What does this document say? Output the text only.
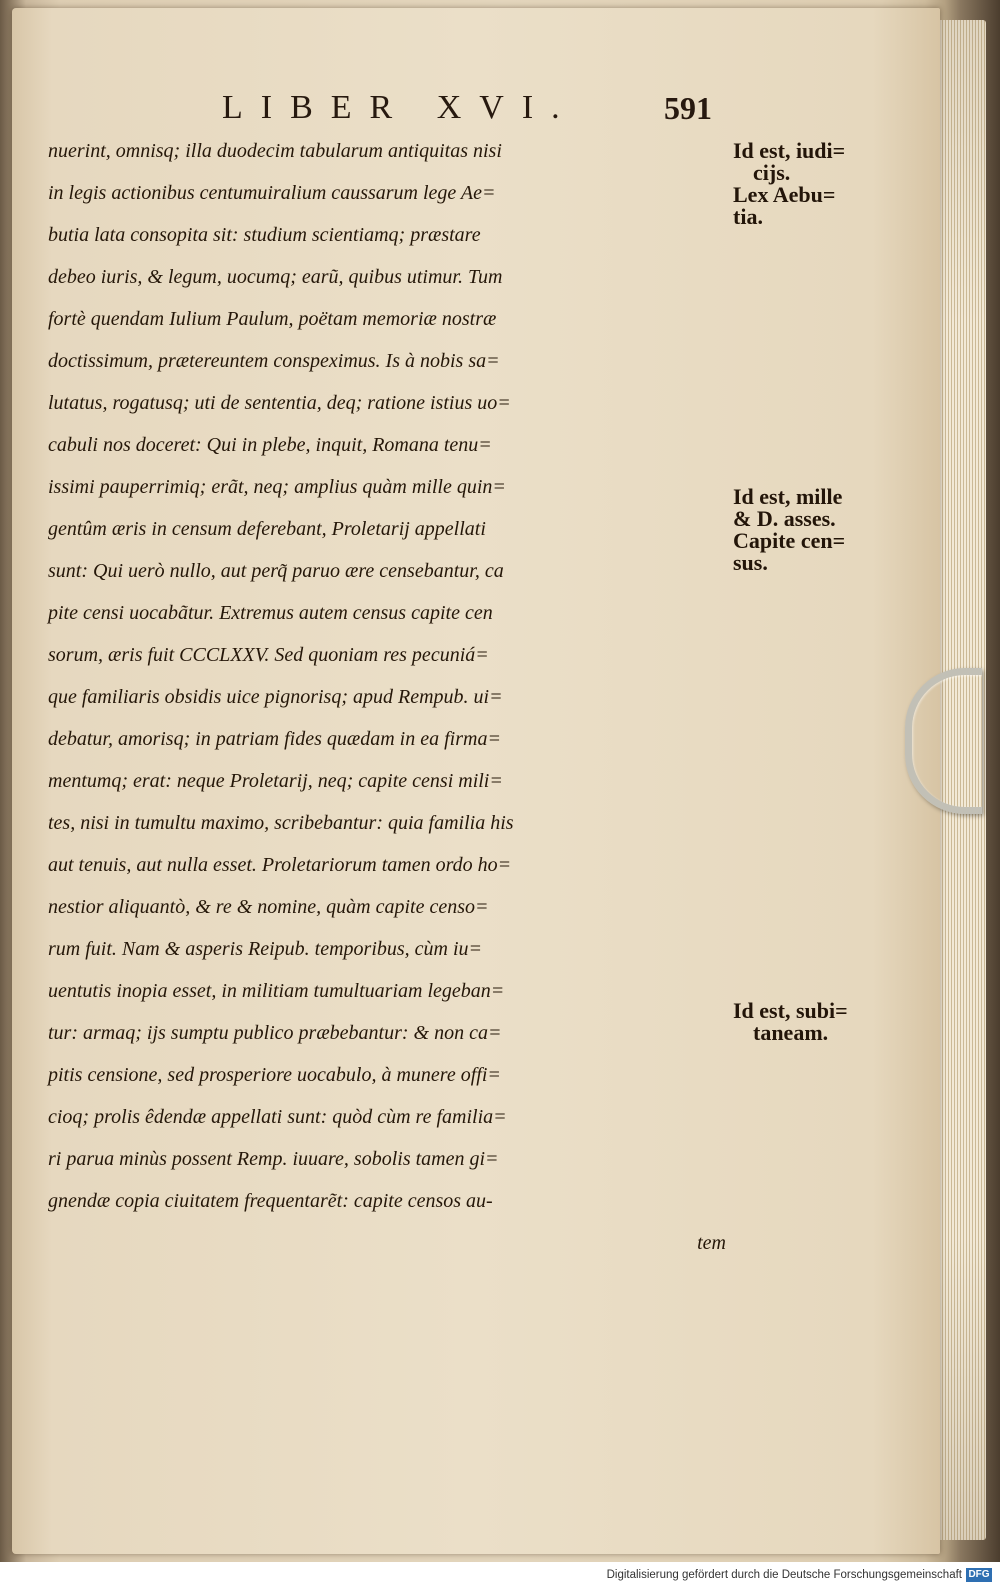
LIBER XVI.	591
nuerint, omnisq; illa duodecim tabularum antiquitas nisi
in legis actionibus centumuiralium caussarum lege Ae=
butia lata consopita sit: studium scientiamq; præstare
debeo iuris, & legum, uocumq; earũ, quibus utimur. Tum
fortè quendam Iulium Paulum, poëtam memoriæ nostræ
doctissimum, prætereuntem conspeximus. Is à nobis sa=
lutatus, rogatusq; uti de sententia, deq; ratione istius uo=
cabuli nos doceret: Qui in plebe, inquit, Romana tenu=
issimi pauperrimiq; erãt, neq; amplius quàm mille quin=
gentûm æris in censum deferebant, Proletarij appellati
sunt: Qui uerò nullo, aut perq̃ paruo ære censebantur, ca
pite censi uocabãtur. Extremus autem census capite cen
sorum, æris fuit CCCLXXV. Sed quoniam res pecuniá=
que familiaris obsidis uice pignorisq; apud Rempub. ui=
debatur, amorisq; in patriam fides quædam in ea firma=
mentumq; erat: neque Proletarij, neq; capite censi mili=
tes, nisi in tumultu maximo, scribebantur: quia familia his
aut tenuis, aut nulla esset. Proletariorum tamen ordo ho=
nestior aliquantò, & re & nomine, quàm capite censo=
rum fuit. Nam & asperis Reipub. temporibus, cùm iu=
uentutis inopia esset, in militiam tumultuariam legeban=
tur: armaq; ijs sumptu publico præbebantur: & non ca=
pitis censione, sed prosperiore uocabulo, à munere offi=
cioq; prolis êdendæ appellati sunt: quòd cùm re familia=
ri parua minùs possent Remp. iuuare, sobolis tamen gi=
gnendæ copia ciuitatem frequentarẽt: capite censos au-
tem
Id est, iudi=
cijs.
Lex Aebu=
tia.
Id est, mille
& D. asses.
Capite cen=
sus.
Id est, subi=
taneam.
Digitalisierung gefördert durch die Deutsche Forschungsgemeinschaft DFG
